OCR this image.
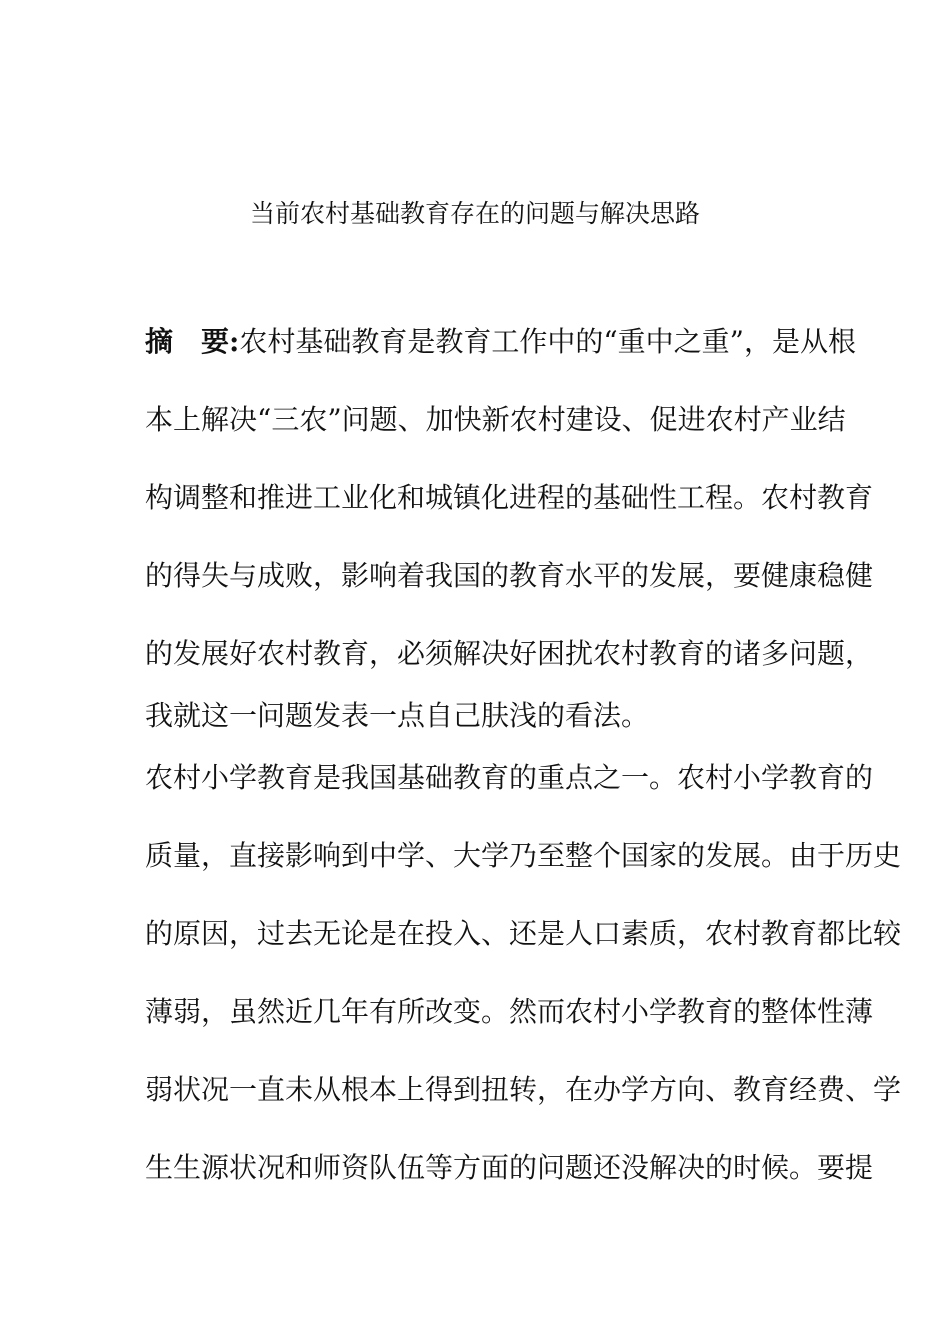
当前农村基础教育存在的问题与解决思路
摘　要:农村基础教育是教育工作中的“重中之重”，是从根
本上解决“三农”问题、加快新农村建设、促进农村产业结
构调整和推进工业化和城镇化进程的基础性工程。农村教育
的得失与成败，影响着我国的教育水平的发展，要健康稳健
的发展好农村教育，必须解决好困扰农村教育的诸多问题，
我就这一问题发表一点自己肤浅的看法。
农村小学教育是我国基础教育的重点之一。农村小学教育的
质量，直接影响到中学、大学乃至整个国家的发展。由于历史
的原因，过去无论是在投入、还是人口素质，农村教育都比较
薄弱，虽然近几年有所改变。然而农村小学教育的整体性薄
弱状况一直未从根本上得到扭转，在办学方向、教育经费、学
生生源状况和师资队伍等方面的问题还没解决的时候。要提
